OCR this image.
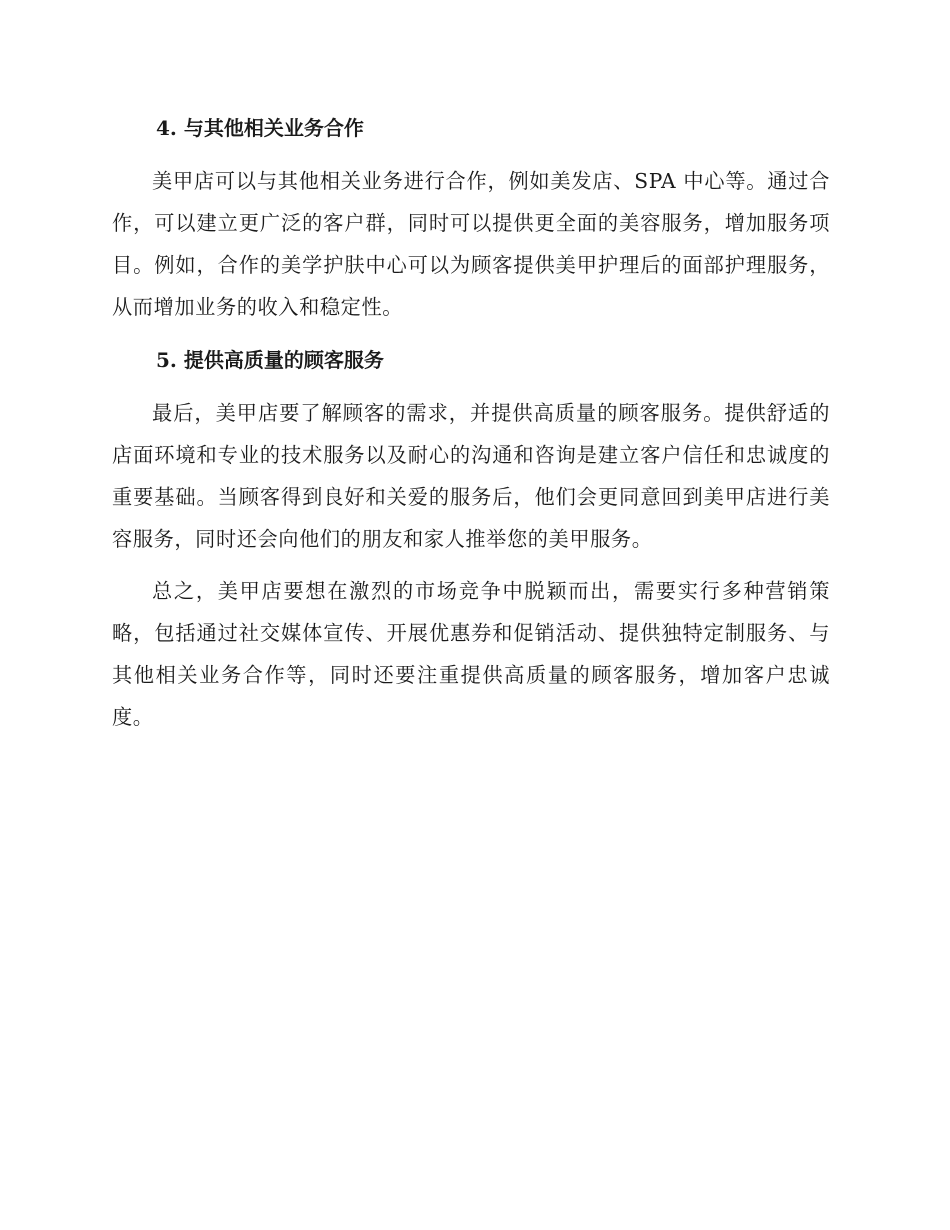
4. 与其他相关业务合作

美甲店可以与其他相关业务进行合作，例如美发店、SPA 中心等。通过合作，可以建立更广泛的客户群，同时可以提供更全面的美容服务，增加服务项目。例如，合作的美学护肤中心可以为顾客提供美甲护理后的面部护理服务，从而增加业务的收入和稳定性。

5. 提供高质量的顾客服务

最后，美甲店要了解顾客的需求，并提供高质量的顾客服务。提供舒适的店面环境和专业的技术服务以及耐心的沟通和咨询是建立客户信任和忠诚度的重要基础。当顾客得到良好和关爱的服务后，他们会更同意回到美甲店进行美容服务，同时还会向他们的朋友和家人推举您的美甲服务。

总之，美甲店要想在激烈的市场竞争中脱颖而出，需要实行多种营销策略，包括通过社交媒体宣传、开展优惠券和促销活动、提供独特定制服务、与其他相关业务合作等，同时还要注重提供高质量的顾客服务，增加客户忠诚度。
